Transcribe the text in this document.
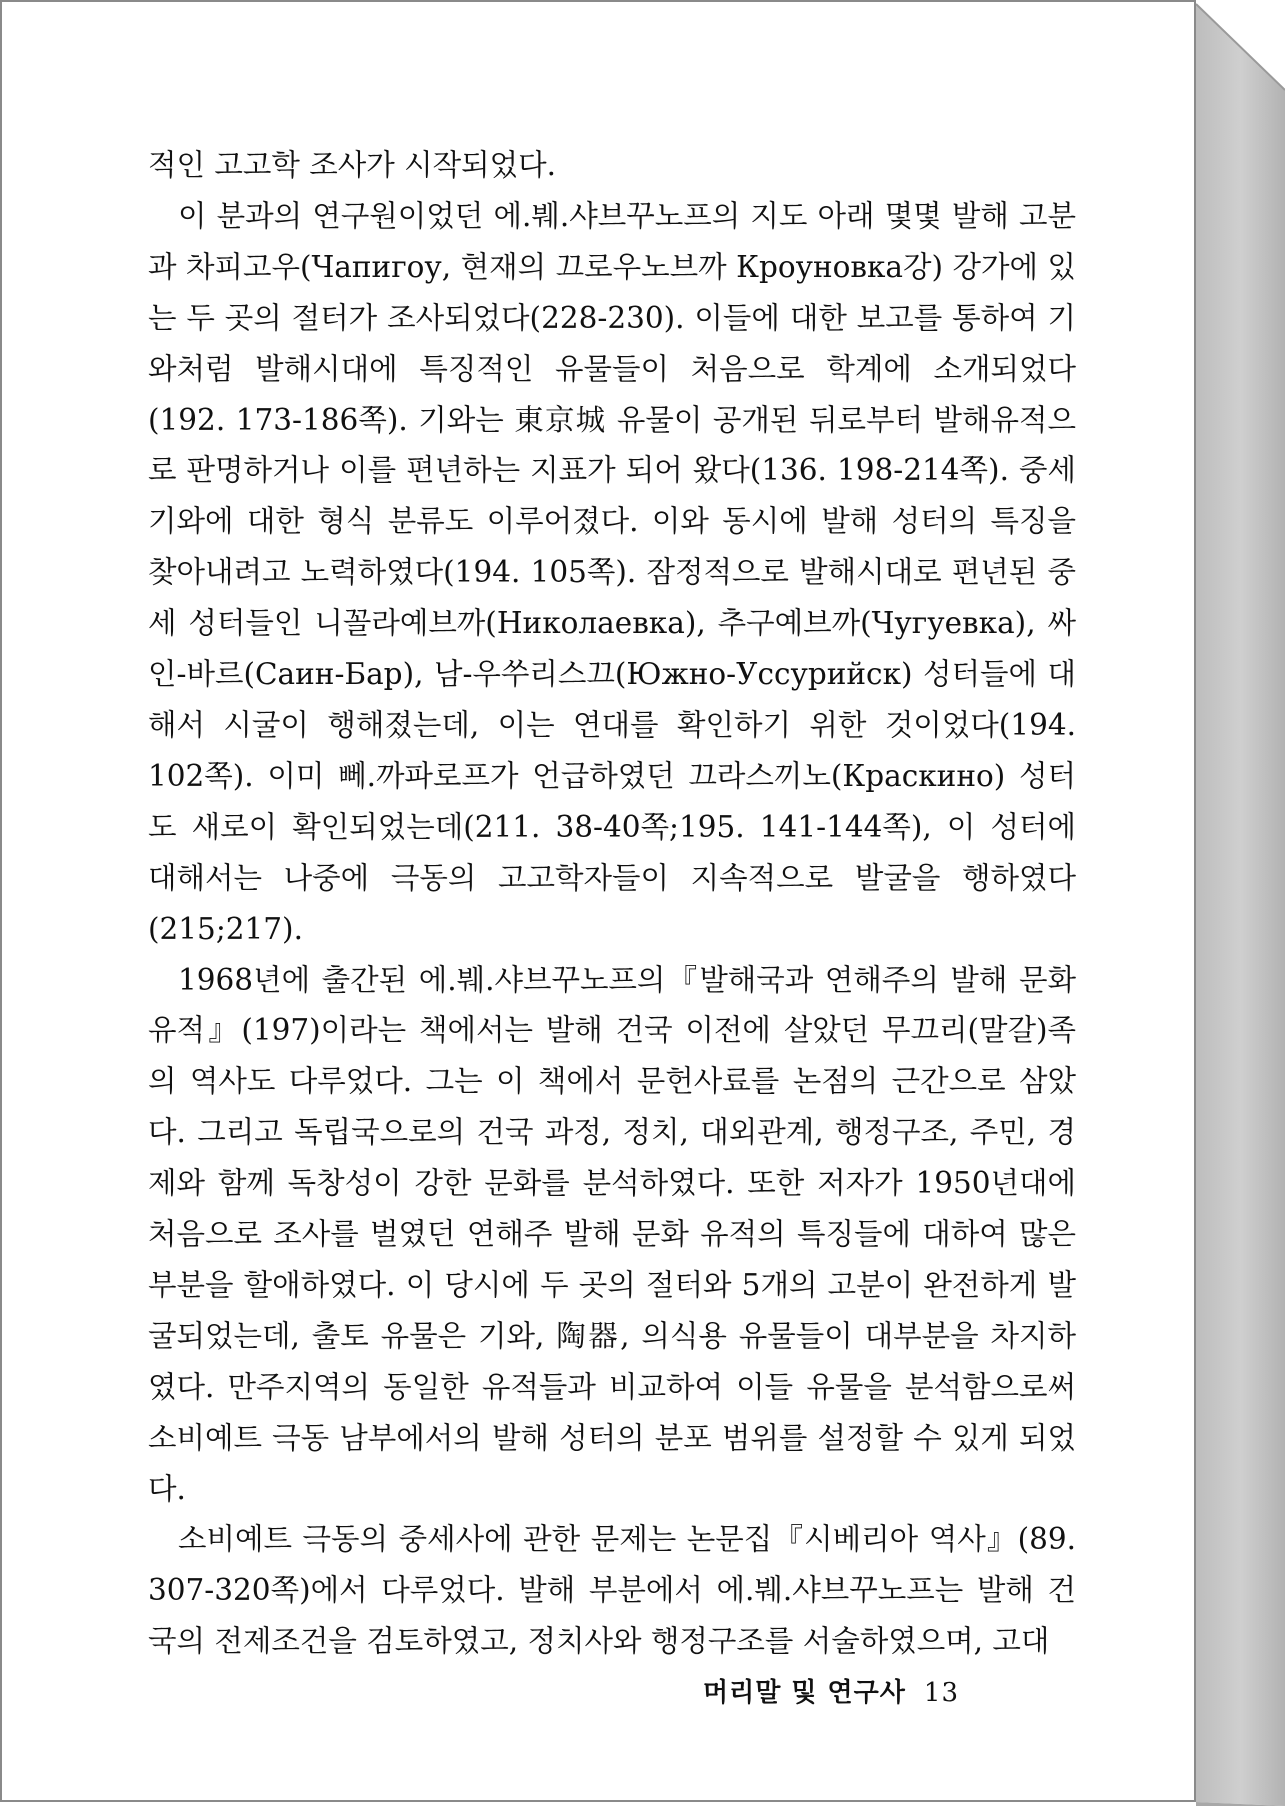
적인 고고학 조사가 시작되었다.

이 분과의 연구원이었던 에.붸.샤브꾸노프의 지도 아래 몇몇 발해 고분과 차피고우(Чапигоу, 현재의 끄로우노브까 Кроуновка강) 강가에 있는 두 곳의 절터가 조사되었다(228-230). 이들에 대한 보고를 통하여 기와처럼 발해시대에 특징적인 유물들이 처음으로 학계에 소개되었다(192. 173-186쪽). 기와는 東京城 유물이 공개된 뒤로부터 발해유적으로 판명하거나 이를 편년하는 지표가 되어 왔다(136. 198-214쪽). 중세 기와에 대한 형식 분류도 이루어졌다. 이와 동시에 발해 성터의 특징을 찾아내려고 노력하였다(194. 105쪽). 잠정적으로 발해시대로 편년된 중세 성터들인 니꼴라예브까(Николаевка), 추구예브까(Чугуевка), 싸인-바르(Саин-Бар), 남-우쑤리스끄(Южно-Уссурийск) 성터들에 대해서 시굴이 행해졌는데, 이는 연대를 확인하기 위한 것이었다(194. 102쪽). 이미 뻬.까파로프가 언급하였던 끄라스끼노(Краскино) 성터도 새로이 확인되었는데(211. 38-40쪽;195. 141-144쪽), 이 성터에 대해서는 나중에 극동의 고고학자들이 지속적으로 발굴을 행하였다(215;217).

1968년에 출간된 에.붸.샤브꾸노프의『발해국과 연해주의 발해 문화유적』(197)이라는 책에서는 발해 건국 이전에 살았던 무끄리(말갈)족의 역사도 다루었다. 그는 이 책에서 문헌사료를 논점의 근간으로 삼았다. 그리고 독립국으로의 건국 과정, 정치, 대외관계, 행정구조, 주민, 경제와 함께 독창성이 강한 문화를 분석하였다. 또한 저자가 1950년대에 처음으로 조사를 벌였던 연해주 발해 문화 유적의 특징들에 대하여 많은 부분을 할애하였다. 이 당시에 두 곳의 절터와 5개의 고분이 완전하게 발굴되었는데, 출토 유물은 기와, 陶器, 의식용 유물들이 대부분을 차지하였다. 만주지역의 동일한 유적들과 비교하여 이들 유물을 분석함으로써 소비예트 극동 남부에서의 발해 성터의 분포 범위를 설정할 수 있게 되었다.

소비예트 극동의 중세사에 관한 문제는 논문집『시베리아 역사』(89. 307-320쪽)에서 다루었다. 발해 부분에서 에.붸.샤브꾸노프는 발해 건국의 전제조건을 검토하였고, 정치사와 행정구조를 서술하였으며, 고대

머리말 및 연구사 13
